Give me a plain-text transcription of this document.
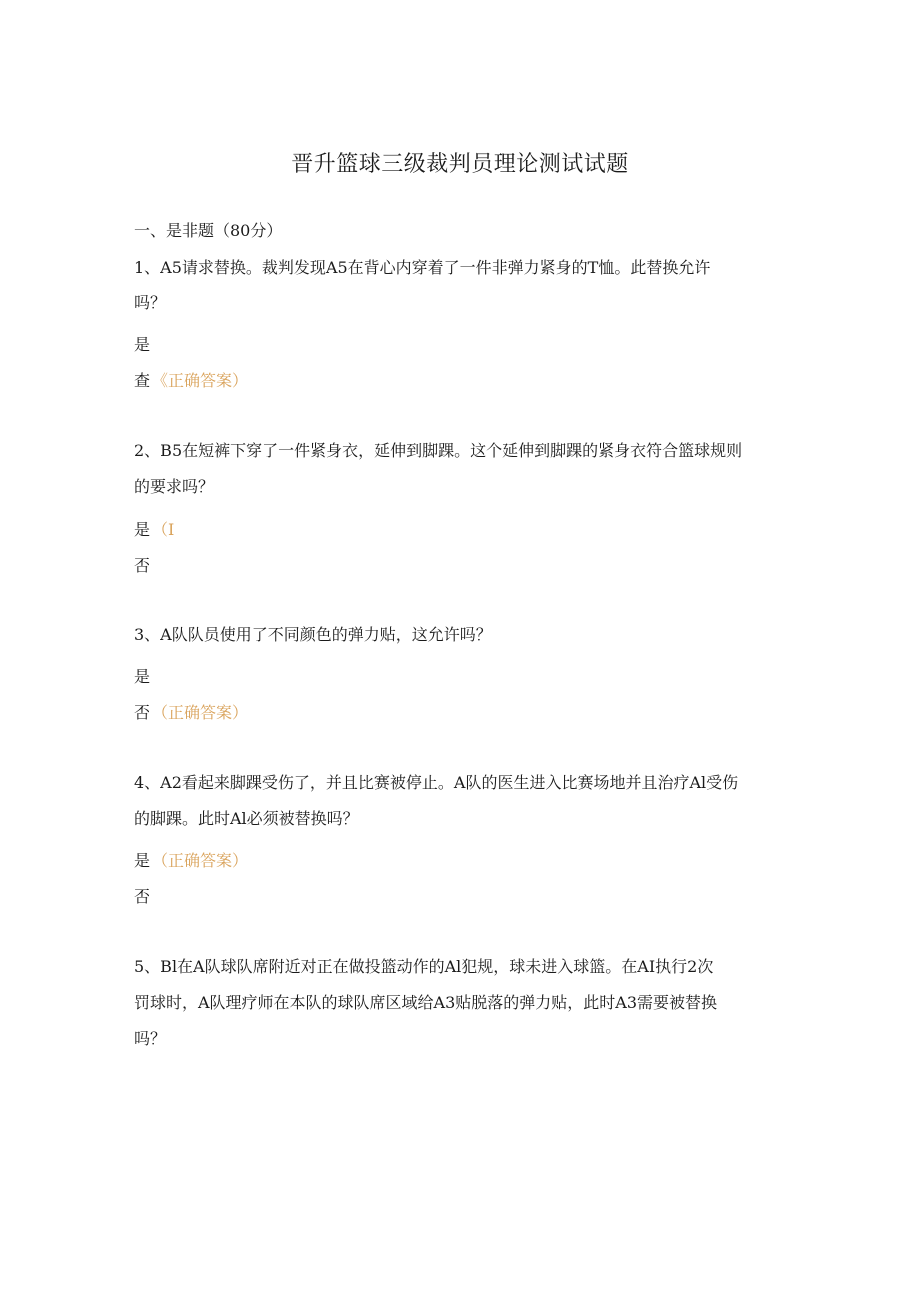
晋升篮球三级裁判员理论测试试题
一、是非题（80分）
1、A5请求替换。裁判发现A5在背心内穿着了一件非弹力紧身的T恤。此替换允许
吗？
是
查 《正确答案）
2、B5在短裤下穿了一件紧身衣，延伸到脚踝。这个延伸到脚踝的紧身衣符合篮球规则
的要求吗？
是 （I
否
3、A队队员使用了不同颜色的弹力贴，这允许吗？
是
否 （正确答案）
4、A2看起来脚踝受伤了，并且比赛被停止。A队的医生进入比赛场地并且治疗Al受伤
的脚踝。此时Al必须被替换吗？
是 （正确答案）
否
5、Bl在A队球队席附近对正在做投篮动作的Al犯规，球未进入球篮。在AI执行2次
罚球时，A队理疗师在本队的球队席区域给A3贴脱落的弹力贴，此时A3需要被替换
吗？
